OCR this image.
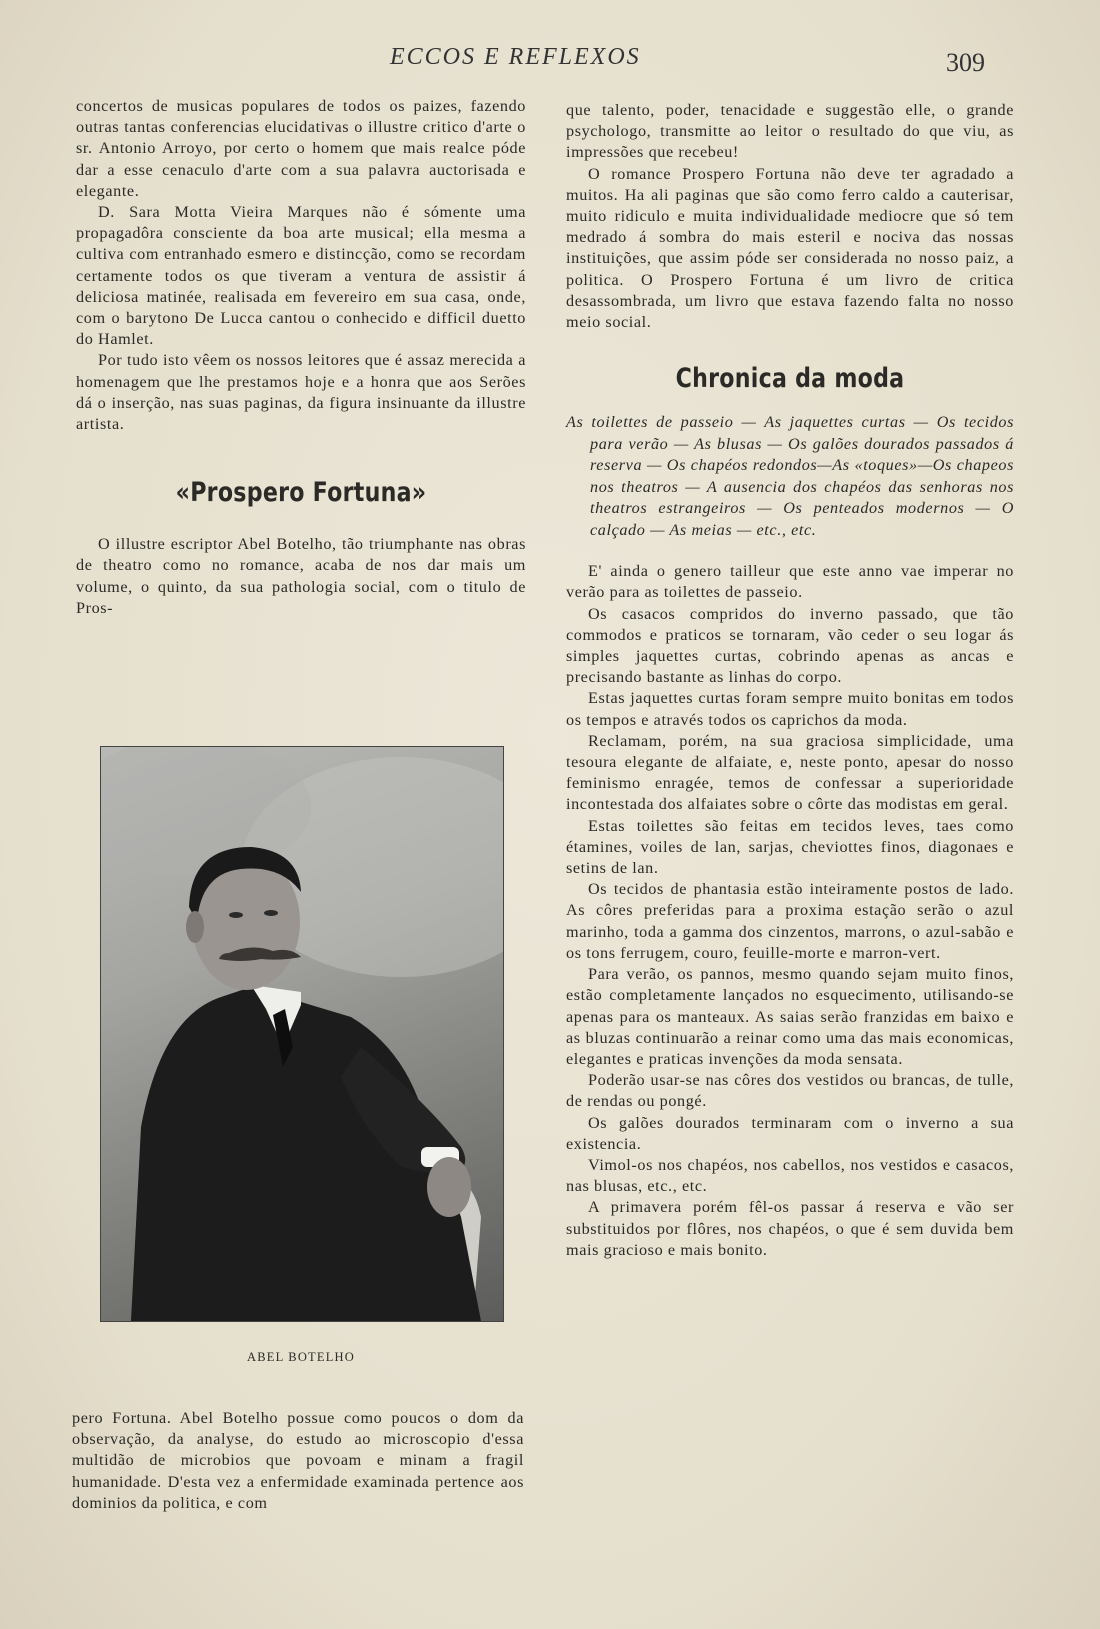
ECCOS E REFLEXOS	309

concertos de musicas populares de todos os paizes, fazendo outras tantas conferencias elucidativas o illustre critico d'arte o sr. Antonio Arroyo, por certo o homem que mais realce póde dar a esse cenaculo d'arte com a sua palavra auctorisada e elegante.

D. Sara Motta Vieira Marques não é sómente uma propagadôra consciente da boa arte musical; ella mesma a cultiva com entranhado esmero e distincção, como se recordam certamente todos os que tiveram a ventura de assistir á deliciosa matinée, realisada em fevereiro em sua casa, onde, com o barytono De Lucca cantou o conhecido e difficil duetto do Hamlet.

Por tudo isto vêem os nossos leitores que é assaz merecida a homenagem que lhe prestamos hoje e a honra que aos Serões dá o inserção, nas suas paginas, da figura insinuante da illustre artista.

«Prospero Fortuna»

O illustre escriptor Abel Botelho, tão triumphante nas obras de theatro como no romance, acaba de nos dar mais um volume, o quinto, da sua pathologia social, com o titulo de Pros-

ABEL BOTELHO

pero Fortuna. Abel Botelho possue como poucos o dom da observação, da analyse, do estudo ao microscopio d'essa multidão de microbios que povoam e minam a fragil humanidade. D'esta vez a enfermidade examinada pertence aos dominios da politica, e com

que talento, poder, tenacidade e suggestão elle, o grande psychologo, transmitte ao leitor o resultado do que viu, as impressões que recebeu!

O romance Prospero Fortuna não deve ter agradado a muitos. Ha ali paginas que são como ferro caldo a cauterisar, muito ridiculo e muita individualidade mediocre que só tem medrado á sombra do mais esteril e nociva das nossas instituições, que assim póde ser considerada no nosso paiz, a politica. O Prospero Fortuna é um livro de critica desassombrada, um livro que estava fazendo falta no nosso meio social.

Chronica da moda

As toilettes de passeio — As jaquettes curtas — Os tecidos para verão — As blusas — Os galões dourados passados á reserva — Os chapéos redondos—As «toques»—Os chapeos nos theatros — A ausencia dos chapéos das senhoras nos theatros estrangeiros — Os penteados modernos — O calçado — As meias — etc., etc.

E' ainda o genero tailleur que este anno vae imperar no verão para as toilettes de passeio.

Os casacos compridos do inverno passado, que tão commodos e praticos se tornaram, vão ceder o seu logar ás simples jaquettes curtas, cobrindo apenas as ancas e precisando bastante as linhas do corpo.

Estas jaquettes curtas foram sempre muito bonitas em todos os tempos e através todos os caprichos da moda.

Reclamam, porém, na sua graciosa simplicidade, uma tesoura elegante de alfaiate, e, neste ponto, apesar do nosso feminismo enragée, temos de confessar a superioridade incontestada dos alfaiates sobre o côrte das modistas em geral.

Estas toilettes são feitas em tecidos leves, taes como étamines, voiles de lan, sarjas, cheviottes finos, diagonaes e setins de lan.

Os tecidos de phantasia estão inteiramente postos de lado. As côres preferidas para a proxima estação serão o azul marinho, toda a gamma dos cinzentos, marrons, o azul-sabão e os tons ferrugem, couro, feuille-morte e marron-vert.

Para verão, os pannos, mesmo quando sejam muito finos, estão completamente lançados no esquecimento, utilisando-se apenas para os manteaux. As saias serão franzidas em baixo e as bluzas continuarão a reinar como uma das mais economicas, elegantes e praticas invenções da moda sensata.

Poderão usar-se nas côres dos vestidos ou brancas, de tulle, de rendas ou pongé.

Os galões dourados terminaram com o inverno a sua existencia.

Vimol-os nos chapéos, nos cabellos, nos vestidos e casacos, nas blusas, etc., etc.

A primavera porém fêl-os passar á reserva e vão ser substituidos por flôres, nos chapéos, o que é sem duvida bem mais gracioso e mais bonito.
